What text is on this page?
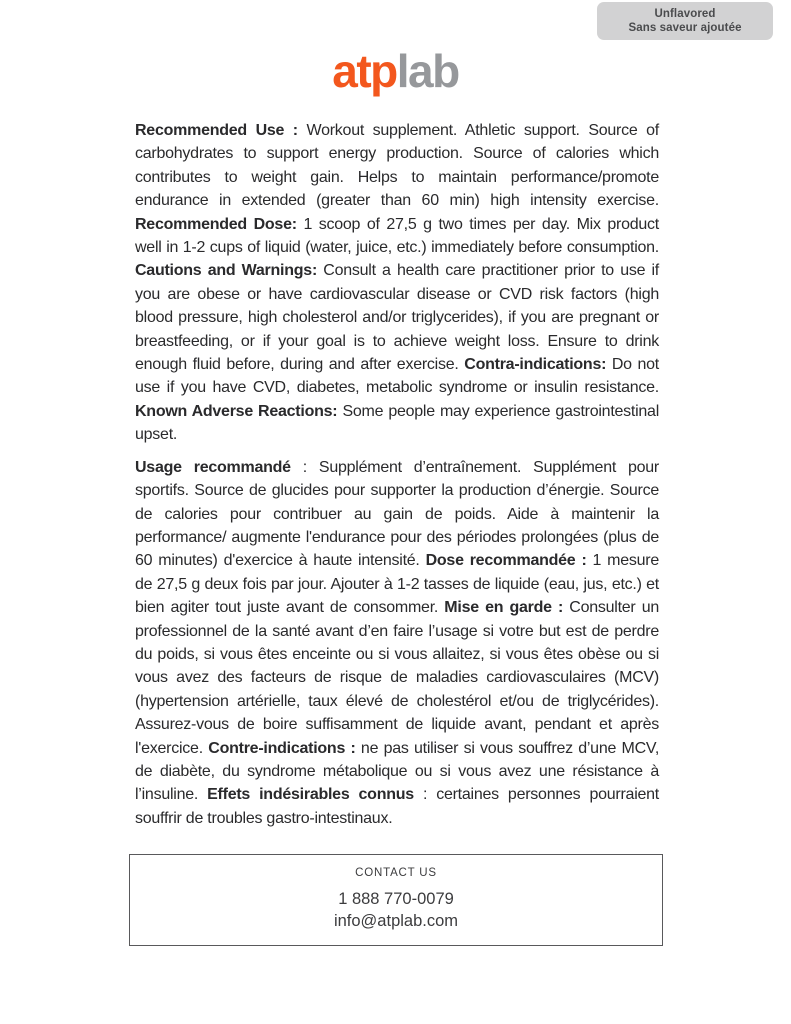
Unflavored
Sans saveur ajoutée
atplab

Recommended Use : Workout supplement. Athletic support. Source of carbohydrates to support energy production. Source of calories which contributes to weight gain. Helps to maintain performance/promote endurance in extended (greater than 60 min) high intensity exercise. Recommended Dose: 1 scoop of 27,5 g two times per day. Mix product well in 1-2 cups of liquid (water, juice, etc.) immediately before consumption. Cautions and Warnings: Consult a health care practitioner prior to use if you are obese or have cardiovascular disease or CVD risk factors (high blood pressure, high cholesterol and/or triglycerides), if you are pregnant or breastfeeding, or if your goal is to achieve weight loss. Ensure to drink enough fluid before, during and after exercise. Contra-indications: Do not use if you have CVD, diabetes, metabolic syndrome or insulin resistance. Known Adverse Reactions: Some people may experience gastrointestinal upset.

Usage recommandé : Supplément d’entraînement. Supplément pour sportifs. Source de glucides pour supporter la production d’énergie. Source de calories pour contribuer au gain de poids. Aide à maintenir la performance/ augmente l'endurance pour des périodes prolongées (plus de 60 minutes) d'exercice à haute intensité. Dose recommandée : 1 mesure de 27,5 g deux fois par jour. Ajouter à 1-2 tasses de liquide (eau, jus, etc.) et bien agiter tout juste avant de consommer. Mise en garde : Consulter un professionnel de la santé avant d’en faire l’usage si votre but est de perdre du poids, si vous êtes enceinte ou si vous allaitez, si vous êtes obèse ou si vous avez des facteurs de risque de maladies cardiovasculaires (MCV) (hypertension artérielle, taux élevé de cholestérol et/ou de triglycérides). Assurez-vous de boire suffisamment de liquide avant, pendant et après l'exercice. Contre-indications : ne pas utiliser si vous souffrez d’une MCV, de diabète, du syndrome métabolique ou si vous avez une résistance à l’insuline. Effets indésirables connus : certaines personnes pourraient souffrir de troubles gastro-intestinaux.

CONTACT US
1 888 770-0079
info@atplab.com
